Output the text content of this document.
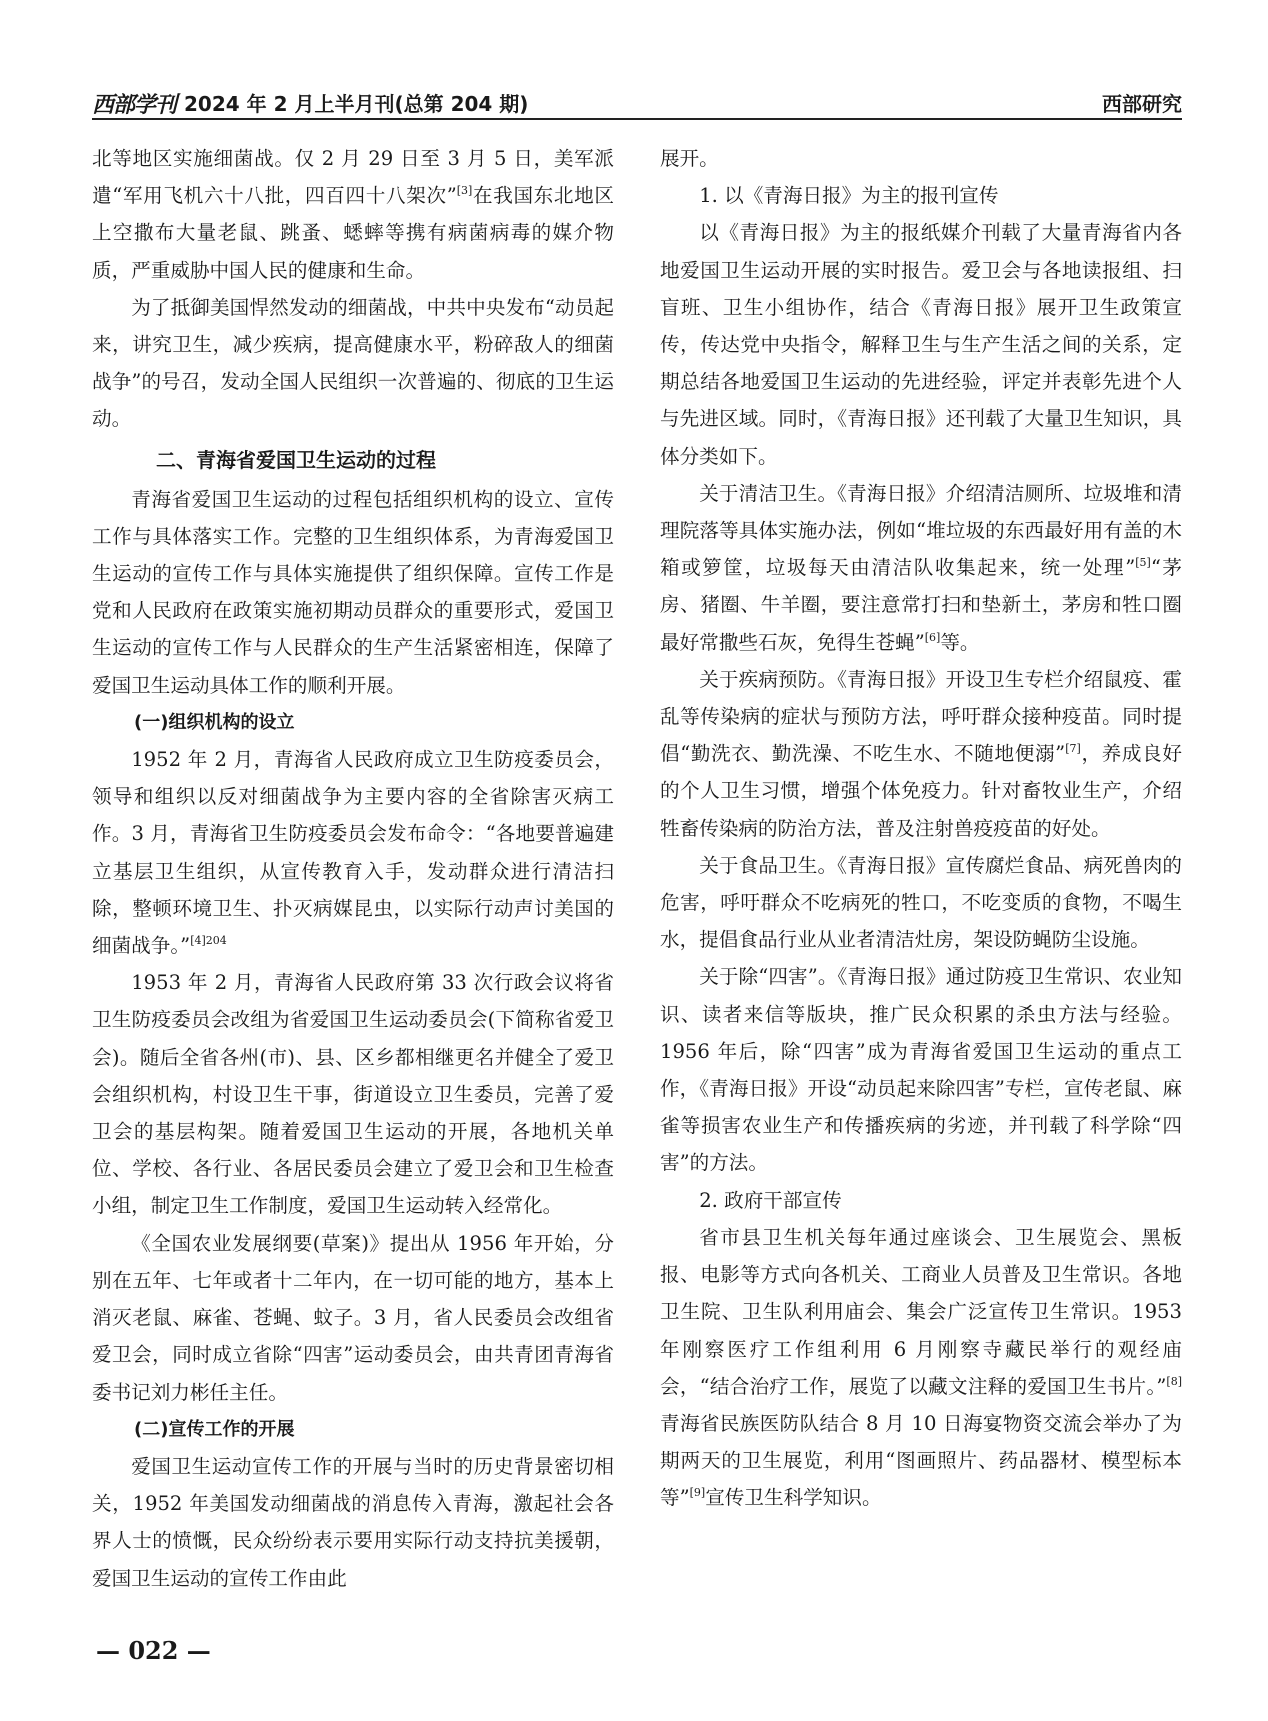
西部学刊 2024 年 2 月上半月刊(总第 204 期)	西部研究

北等地区实施细菌战。仅 2 月 29 日至 3 月 5 日，美军派遣“军用飞机六十八批，四百四十八架次”[3]在我国东北地区上空撒布大量老鼠、跳蚤、蟋蟀等携有病菌病毒的媒介物质，严重威胁中国人民的健康和生命。

为了抵御美国悍然发动的细菌战，中共中央发布“动员起来，讲究卫生，减少疾病，提高健康水平，粉碎敌人的细菌战争”的号召，发动全国人民组织一次普遍的、彻底的卫生运动。

二、青海省爱国卫生运动的过程

青海省爱国卫生运动的过程包括组织机构的设立、宣传工作与具体落实工作。完整的卫生组织体系，为青海爱国卫生运动的宣传工作与具体实施提供了组织保障。宣传工作是党和人民政府在政策实施初期动员群众的重要形式，爱国卫生运动的宣传工作与人民群众的生产生活紧密相连，保障了爱国卫生运动具体工作的顺利开展。

(一)组织机构的设立

1952 年 2 月，青海省人民政府成立卫生防疫委员会，领导和组织以反对细菌战争为主要内容的全省除害灭病工作。3 月，青海省卫生防疫委员会发布命令：“各地要普遍建立基层卫生组织，从宣传教育入手，发动群众进行清洁扫除，整顿环境卫生、扑灭病媒昆虫，以实际行动声讨美国的细菌战争。”$^{[4]204}$

1953 年 2 月，青海省人民政府第 33 次行政会议将省卫生防疫委员会改组为省爱国卫生运动委员会(下简称省爱卫会)。随后全省各州(市)、县、区乡都相继更名并健全了爱卫会组织机构，村设卫生干事，街道设立卫生委员，完善了爱卫会的基层构架。随着爱国卫生运动的开展，各地机关单位、学校、各行业、各居民委员会建立了爱卫会和卫生检查小组，制定卫生工作制度，爱国卫生运动转入经常化。

《全国农业发展纲要(草案)》提出从 1956 年开始，分别在五年、七年或者十二年内，在一切可能的地方，基本上消灭老鼠、麻雀、苍蝇、蚊子。3 月，省人民委员会改组省爱卫会，同时成立省除“四害”运动委员会，由共青团青海省委书记刘力彬任主任。

(二)宣传工作的开展

爱国卫生运动宣传工作的开展与当时的历史背景密切相关，1952 年美国发动细菌战的消息传入青海，激起社会各界人士的愤慨，民众纷纷表示要用实际行动支持抗美援朝，爱国卫生运动的宣传工作由此

展开。

1. 以《青海日报》为主的报刊宣传

以《青海日报》为主的报纸媒介刊载了大量青海省内各地爱国卫生运动开展的实时报告。爱卫会与各地读报组、扫盲班、卫生小组协作，结合《青海日报》展开卫生政策宣传，传达党中央指令，解释卫生与生产生活之间的关系，定期总结各地爱国卫生运动的先进经验，评定并表彰先进个人与先进区域。同时，《青海日报》还刊载了大量卫生知识，具体分类如下。

关于清洁卫生。《青海日报》介绍清洁厕所、垃圾堆和清理院落等具体实施办法，例如“堆垃圾的东西最好用有盖的木箱或箩筐，垃圾每天由清洁队收集起来，统一处理”[5]“茅房、猪圈、牛羊圈，要注意常打扫和垫新土，茅房和牲口圈最好常撒些石灰，免得生苍蝇”[6]等。

关于疾病预防。《青海日报》开设卫生专栏介绍鼠疫、霍乱等传染病的症状与预防方法，呼吁群众接种疫苗。同时提倡“勤洗衣、勤洗澡、不吃生水、不随地便溺”[7]，养成良好的个人卫生习惯，增强个体免疫力。针对畜牧业生产，介绍牲畜传染病的防治方法，普及注射兽疫疫苗的好处。

关于食品卫生。《青海日报》宣传腐烂食品、病死兽肉的危害，呼吁群众不吃病死的牲口，不吃变质的食物，不喝生水，提倡食品行业从业者清洁灶房，架设防蝇防尘设施。

关于除“四害”。《青海日报》通过防疫卫生常识、农业知识、读者来信等版块，推广民众积累的杀虫方法与经验。1956 年后，除“四害”成为青海省爱国卫生运动的重点工作，《青海日报》开设“动员起来除四害”专栏，宣传老鼠、麻雀等损害农业生产和传播疾病的劣迹，并刊载了科学除“四害”的方法。

2. 政府干部宣传

省市县卫生机关每年通过座谈会、卫生展览会、黑板报、电影等方式向各机关、工商业人员普及卫生常识。各地卫生院、卫生队利用庙会、集会广泛宣传卫生常识。1953 年刚察医疗工作组利用 6 月刚察寺藏民举行的观经庙会，“结合治疗工作，展览了以藏文注释的爱国卫生书片。”[8]青海省民族医防队结合 8 月 10 日海宴物资交流会举办了为期两天的卫生展览，利用“图画照片、药品器材、模型标本等”[9]宣传卫生科学知识。

— 022 —
